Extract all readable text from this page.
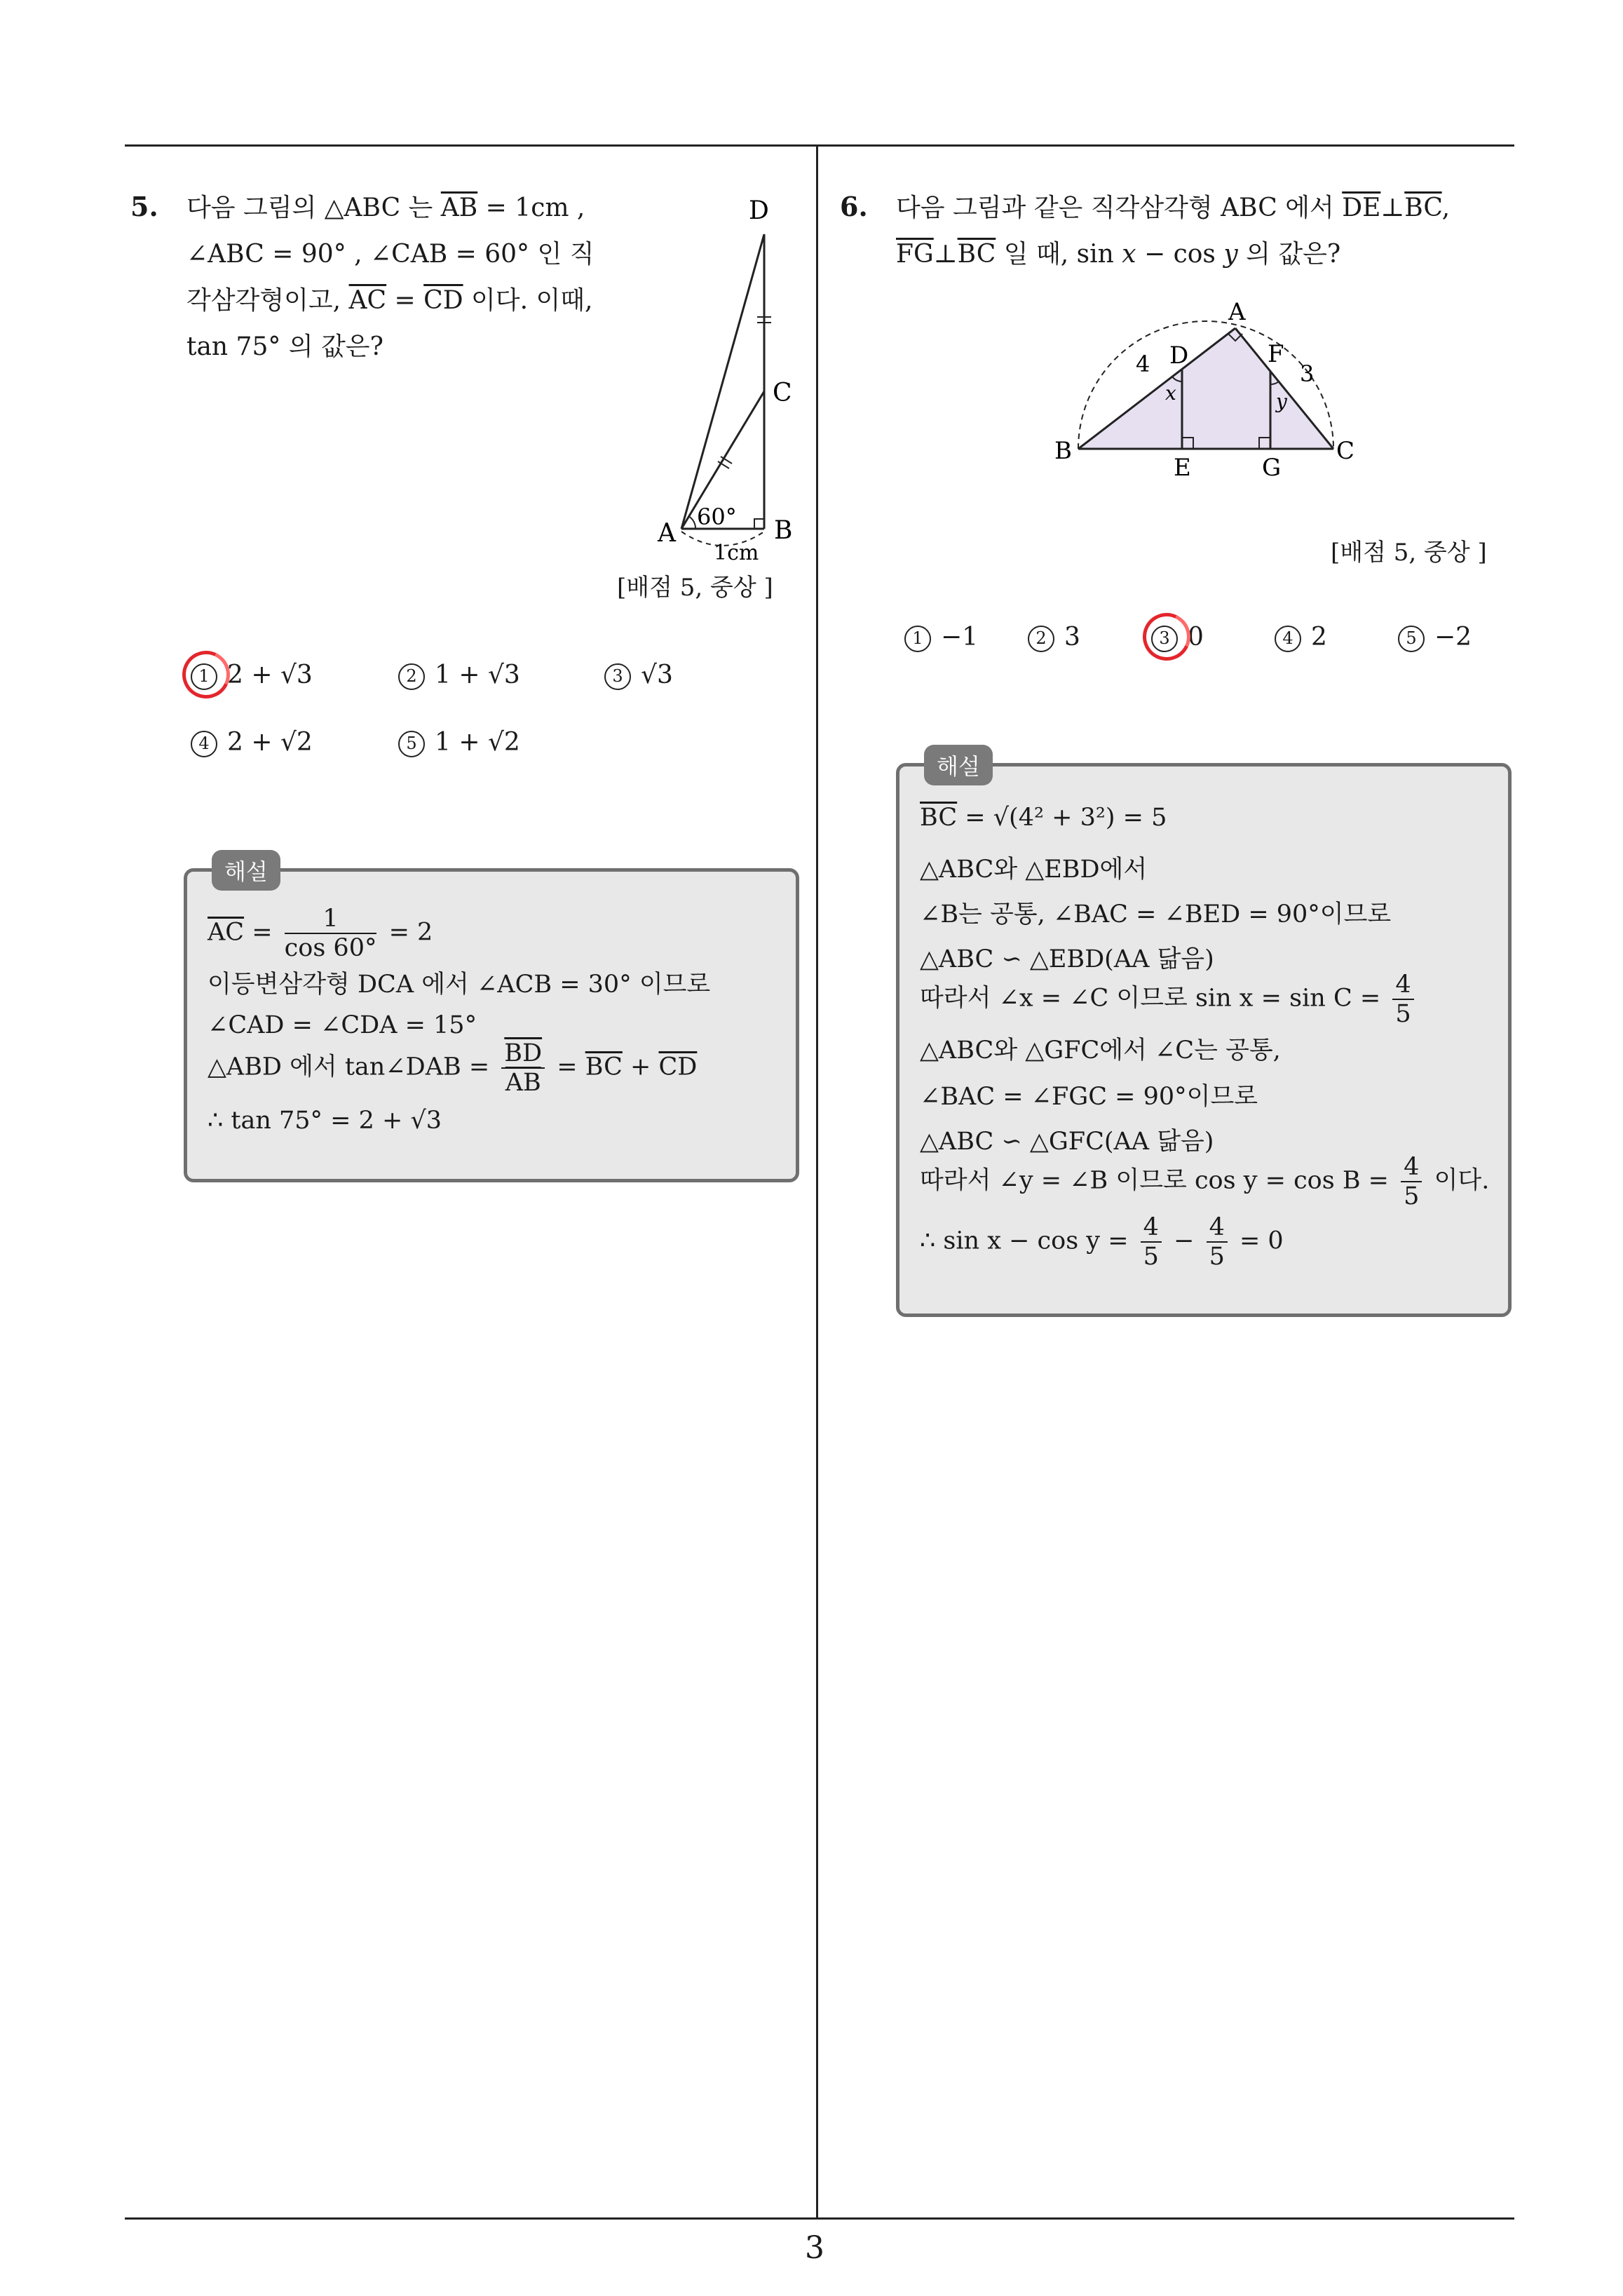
3
5. 다음 그림의 △ABC 는 $\overline{AB} = 1cm$ ,
∠ABC = 90° , ∠CAB = 60° 인 직
각삼각형이고, $\overline{AC} = \overline{CD}$ 이다. 이때,
tan 75° 의 값은?
D
C
A	B
60°
1cm
[배점 5, 중상 ]
1 2 + √3	2 1 + √3	3 √3
4 2 + √2	5 1 + √2
해설
$\overline{AC} = \frac{1}{\cos 60^\circ} = 2$
이등변삼각형 DCA 에서 ∠ACB = 30° 이므로
∠CAD = ∠CDA = 15°
△ABD 에서 tan∠DAB = $\frac{\overline{BD}}{AB} = \overline{BC} + \overline{CD}$
∴ tan 75° = 2 + √3
6. 다음 그림과 같은 직각삼각형 ABC 에서 $\overline{DE}\perp\overline{BC}$,
$\overline{FG}\perp\overline{BC}$ 일 때, sin x − cos y 의 값은?
A
B	C
D
E
F
G
x	y
4	3
[배점 5, 중상 ]
1 −1	2 3	3 0	4 2	5 −2
해설
$\overline{BC} = √(4^2 + 3^2) = 5$
△ABC와 △EBD에서
∠B는 공통, ∠BAC = ∠BED = 90°이므로
△ABC ∽ △EBD(AA 닮음)
따라서 ∠x = ∠C 이므로 $\sin x = \sin C = \frac{4}{5}$
△ABC와 △GFC에서 ∠C는 공통,
∠BAC = ∠FGC = 90°이므로
△ABC ∽ △GFC(AA 닮음)
따라서 ∠y = ∠B 이므로 $\cos y = \cos B = \frac{4}{5}$ 이다.
∴ $\sin x - \cos y = \frac{4}{5} - \frac{4}{5} = 0$
